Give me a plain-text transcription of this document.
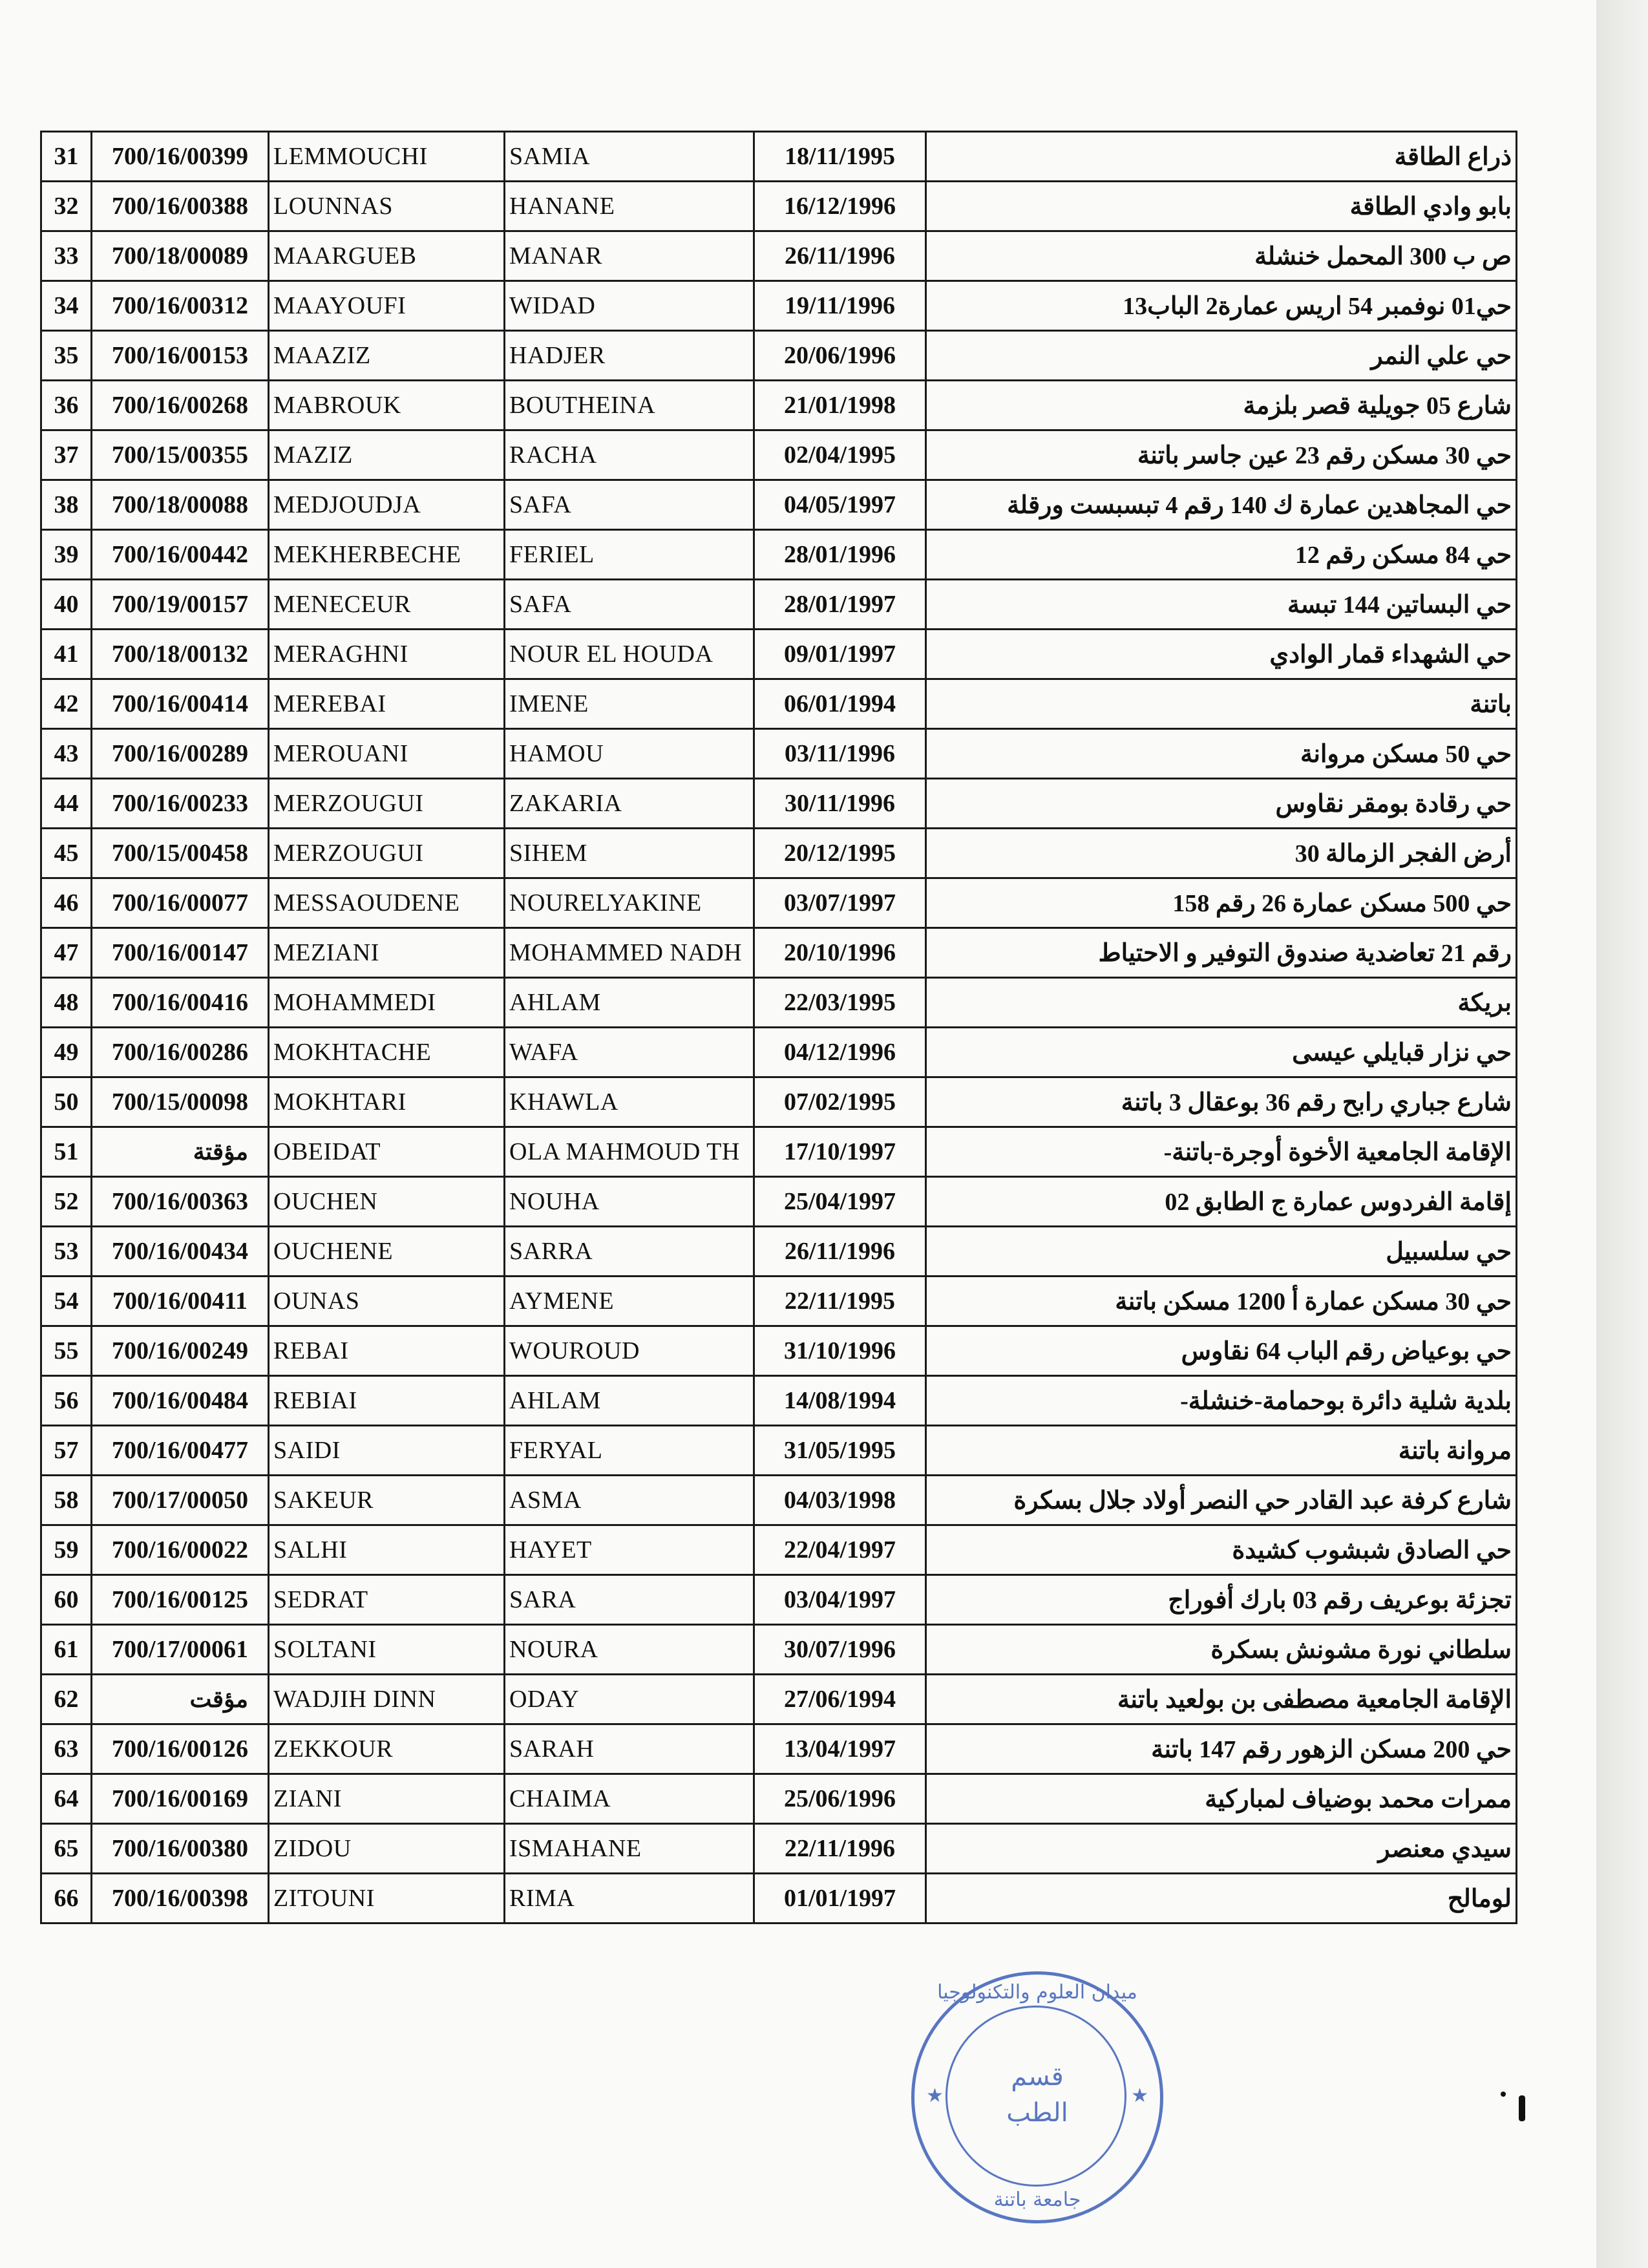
31	700/16/00399	LEMMOUCHI	SAMIA	18/11/1995	ذراع الطاقة
32	700/16/00388	LOUNNAS	HANANE	16/12/1996	بابو وادي الطاقة
33	700/18/00089	MAARGUEB	MANAR	26/11/1996	ص ب 300 المحمل خنشلة
34	700/16/00312	MAAYOUFI	WIDAD	19/11/1996	حي01 نوفمبر 54 اريس عمارة2 الباب13
35	700/16/00153	MAAZIZ	HADJER	20/06/1996	حي علي النمر
36	700/16/00268	MABROUK	BOUTHEINA	21/01/1998	شارع 05 جويلية قصر بلزمة
37	700/15/00355	MAZIZ	RACHA	02/04/1995	حي 30 مسكن رقم 23 عين جاسر باتنة
38	700/18/00088	MEDJOUDJA	SAFA	04/05/1997	حي المجاهدين عمارة ك 140 رقم 4 تبسبست ورقلة
39	700/16/00442	MEKHERBECHE	FERIEL	28/01/1996	حي 84 مسكن رقم 12
40	700/19/00157	MENECEUR	SAFA	28/01/1997	حي البساتين 144 تبسة
41	700/18/00132	MERAGHNI	NOUR EL HOUDA	09/01/1997	حي الشهداء قمار الوادي
42	700/16/00414	MEREBAI	IMENE	06/01/1994	باتنة
43	700/16/00289	MEROUANI	HAMOU	03/11/1996	حي 50 مسكن مروانة
44	700/16/00233	MERZOUGUI	ZAKARIA	30/11/1996	حي رقادة بومقر نقاوس
45	700/15/00458	MERZOUGUI	SIHEM	20/12/1995	أرض الفجر الزمالة 30
46	700/16/00077	MESSAOUDENE	NOURELYAKINE	03/07/1997	حي 500 مسكن عمارة 26 رقم 158
47	700/16/00147	MEZIANI	MOHAMMED NADH	20/10/1996	رقم 21 تعاضدية صندوق التوفير و الاحتياط
48	700/16/00416	MOHAMMEDI	AHLAM	22/03/1995	بريكة
49	700/16/00286	MOKHTACHE	WAFA	04/12/1996	حي نزار قبايلي عيسى
50	700/15/00098	MOKHTARI	KHAWLA	07/02/1995	شارع جباري رابح رقم 36 بوعقال 3 باتنة
51	مؤقتة	OBEIDAT	OLA MAHMOUD TH	17/10/1997	الإقامة الجامعية الأخوة أوجرة-باتنة-
52	700/16/00363	OUCHEN	NOUHA	25/04/1997	إقامة الفردوس عمارة ج الطابق 02
53	700/16/00434	OUCHENE	SARRA	26/11/1996	حي سلسبيل
54	700/16/00411	OUNAS	AYMENE	22/11/1995	حي 30 مسكن عمارة أ 1200 مسكن باتنة
55	700/16/00249	REBAI	WOUROUD	31/10/1996	حي بوعياض رقم الباب 64 نقاوس
56	700/16/00484	REBIAI	AHLAM	14/08/1994	بلدية شلية دائرة بوحمامة-خنشلة-
57	700/16/00477	SAIDI	FERYAL	31/05/1995	مروانة باتنة
58	700/17/00050	SAKEUR	ASMA	04/03/1998	شارع كرفة عبد القادر حي النصر أولاد جلال بسكرة
59	700/16/00022	SALHI	HAYET	22/04/1997	حي الصادق شبشوب كشيدة
60	700/16/00125	SEDRAT	SARA	03/04/1997	تجزئة بوعريف رقم 03 بارك أفوراج
61	700/17/00061	SOLTANI	NOURA	30/07/1996	سلطاني نورة مشونش بسكرة
62	مؤقت	WADJIH DINN	ODAY	27/06/1994	الإقامة الجامعية مصطفى بن بولعيد باتنة
63	700/16/00126	ZEKKOUR	SARAH	13/04/1997	حي 200 مسكن الزهور رقم 147 باتنة
64	700/16/00169	ZIANI	CHAIMA	25/06/1996	ممرات محمد بوضياف لمباركية
65	700/16/00380	ZIDOU	ISMAHANE	22/11/1996	سيدي معنصر
66	700/16/00398	ZITOUNI	RIMA	01/01/1997	لومالح
ميدان العلوم والتكنولوجيا
قسم الطب
جامعة باتنة
★	★
